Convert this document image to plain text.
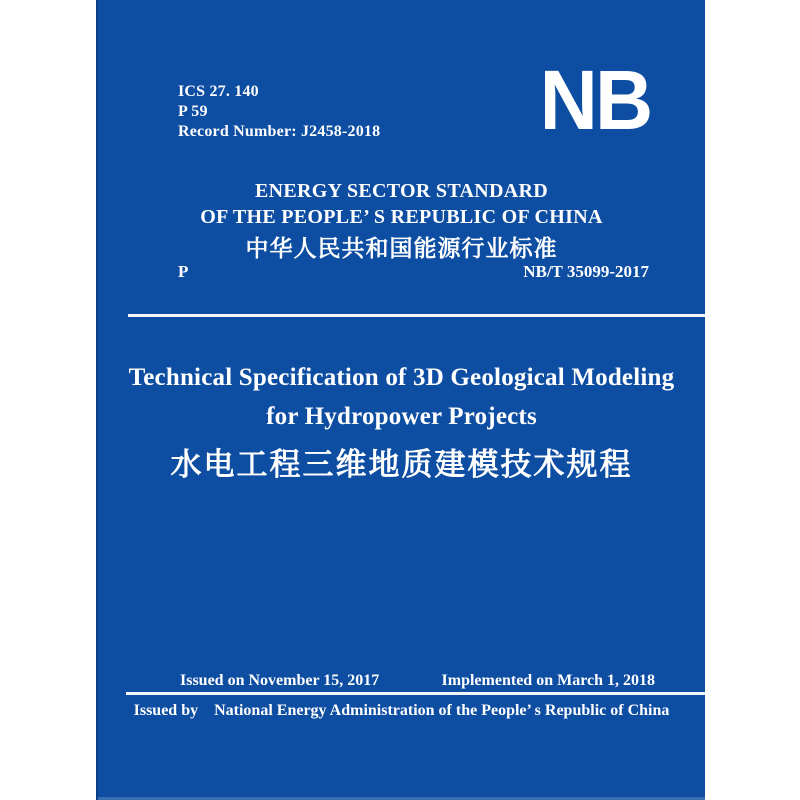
ICS 27. 140
P 59
Record Number: J2458-2018 NB
ENERGY SECTOR STANDARD
OF THE PEOPLE’ S REPUBLIC OF CHINA
中华人民共和国能源行业标准
P	NB/T 35099-2017
Technical Specification of 3D Geological Modeling
for Hydropower Projects
水电工程三维地质建模技术规程
Issued on November 15, 2017	Implemented on March 1, 2018
Issued by National Energy Administration of the People’ s Republic of China
